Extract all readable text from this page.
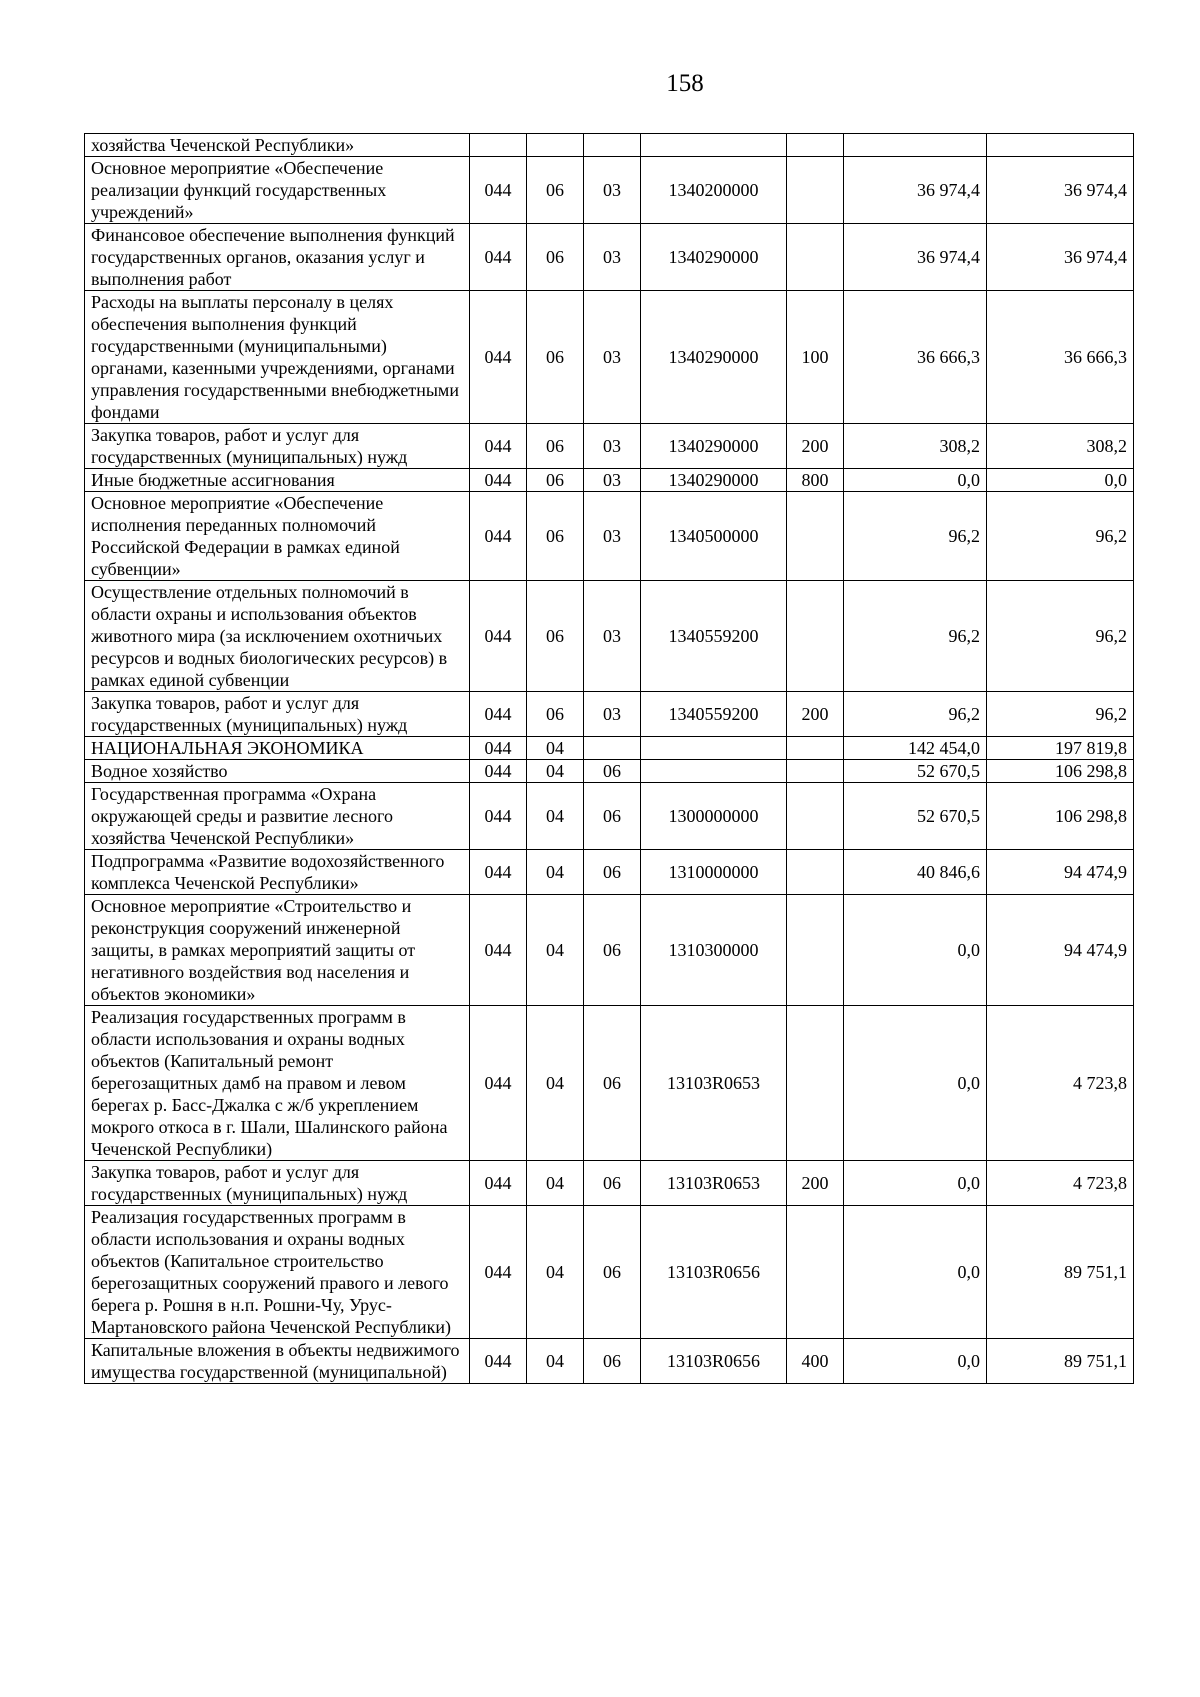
158
хозяйства Чеченской Республики»							
Основное мероприятие «Обеспечение реализации функций государственных учреждений»	044	06	03	1340200000		36 974,4	36 974,4
Финансовое обеспечение выполнения функций государственных органов, оказания услуг и выполнения работ	044	06	03	1340290000		36 974,4	36 974,4
Расходы на выплаты персоналу в целях обеспечения выполнения функций государственными (муниципальными) органами, казенными учреждениями, органами управления государственными внебюджетными фондами	044	06	03	1340290000	100	36 666,3	36 666,3
Закупка товаров, работ и услуг для государственных (муниципальных) нужд	044	06	03	1340290000	200	308,2	308,2
Иные бюджетные ассигнования	044	06	03	1340290000	800	0,0	0,0
Основное мероприятие «Обеспечение исполнения переданных полномочий Российской Федерации в рамках единой субвенции»	044	06	03	1340500000		96,2	96,2
Осуществление отдельных полномочий в области охраны и использования объектов животного мира (за исключением охотничьих ресурсов и водных биологических ресурсов) в рамках единой субвенции	044	06	03	1340559200		96,2	96,2
Закупка товаров, работ и услуг для государственных (муниципальных) нужд	044	06	03	1340559200	200	96,2	96,2
НАЦИОНАЛЬНАЯ ЭКОНОМИКА	044	04				142 454,0	197 819,8
Водное хозяйство	044	04	06			52 670,5	106 298,8
Государственная программа «Охрана окружающей среды и развитие лесного хозяйства Чеченской Республики»	044	04	06	1300000000		52 670,5	106 298,8
Подпрограмма «Развитие водохозяйственного комплекса Чеченской Республики»	044	04	06	1310000000		40 846,6	94 474,9
Основное мероприятие «Строительство и реконструкция сооружений инженерной защиты, в рамках мероприятий защиты от негативного воздействия вод населения и объектов экономики»	044	04	06	1310300000		0,0	94 474,9
Реализация государственных программ в области использования и охраны водных объектов (Капитальный ремонт берегозащитных дамб на правом и левом берегах р. Басс-Джалка с ж/б укреплением мокрого откоса в г. Шали, Шалинского района Чеченской Республики)	044	04	06	13103R0653		0,0	4 723,8
Закупка товаров, работ и услуг для государственных (муниципальных) нужд	044	04	06	13103R0653	200	0,0	4 723,8
Реализация государственных программ в области использования и охраны водных объектов (Капитальное строительство берегозащитных сооружений правого и левого берега р. Рошня в н.п. Рошни-Чу, Урус-Мартановского района Чеченской Республики)	044	04	06	13103R0656		0,0	89 751,1
Капитальные вложения в объекты недвижимого имущества государственной (муниципальной)	044	04	06	13103R0656	400	0,0	89 751,1
